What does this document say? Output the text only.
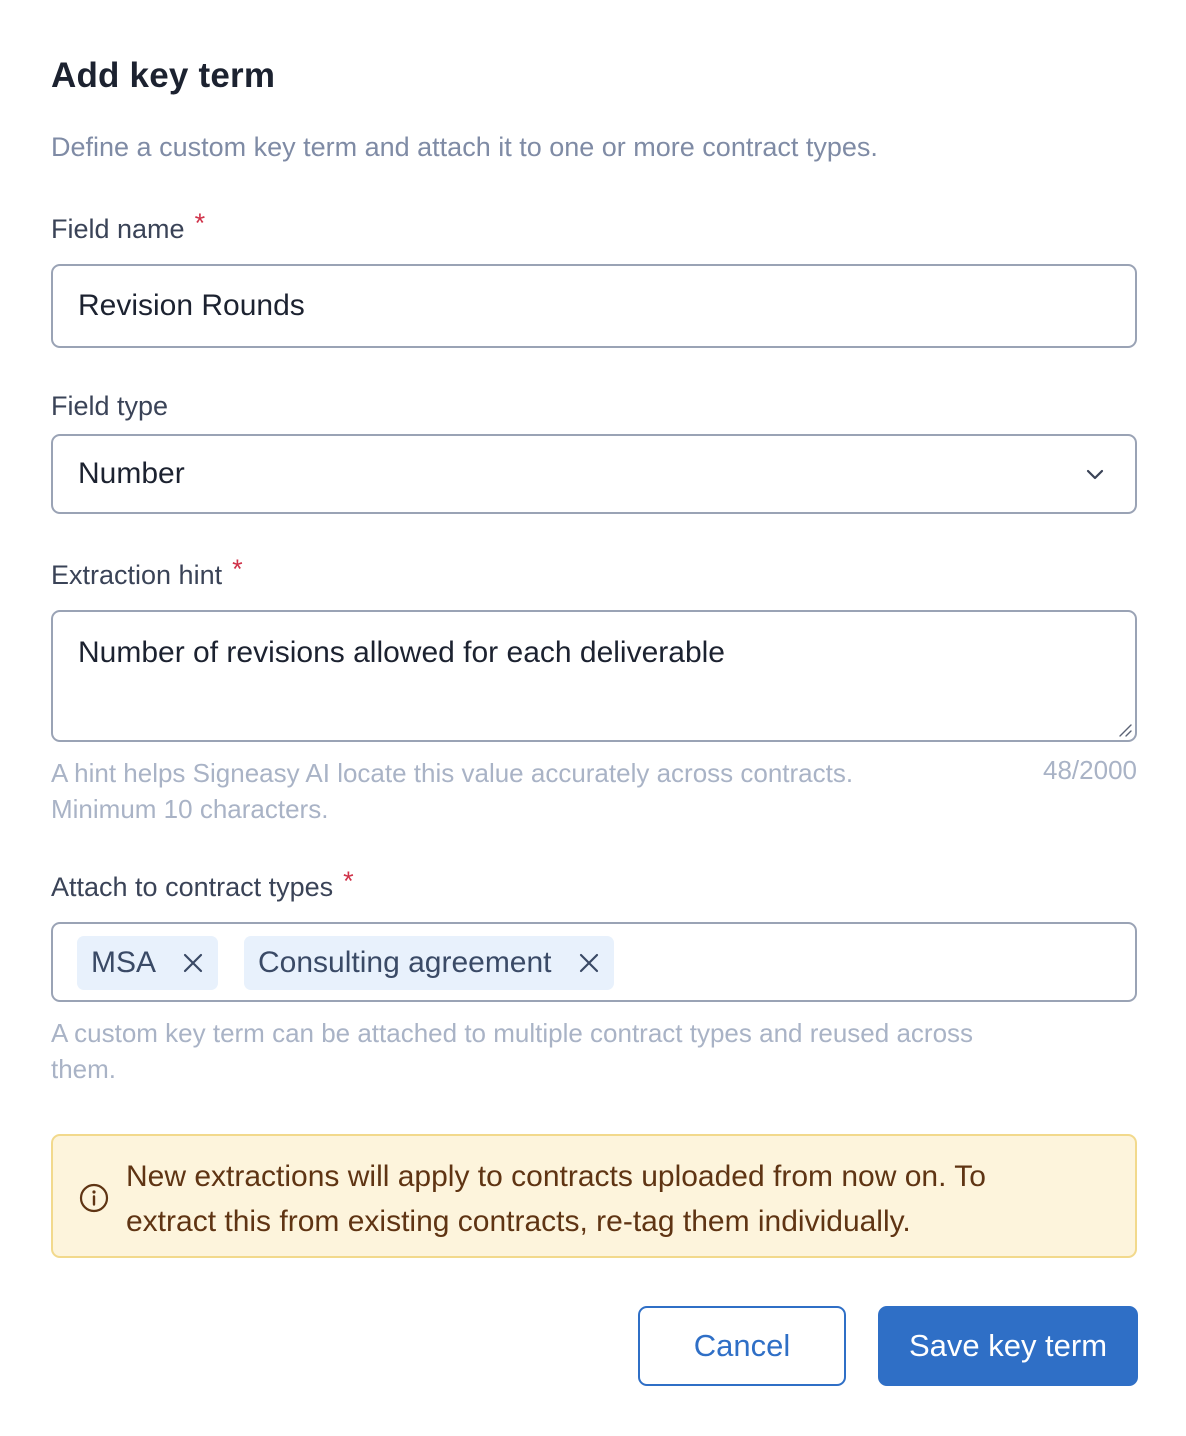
Add key term
Define a custom key term and attach it to one or more contract types.
Field name *
Revision Rounds
Field type
Number
Extraction hint *
Number of revisions allowed for each deliverable
A hint helps Signeasy AI locate this value accurately across contracts.
Minimum 10 characters.
48/2000
Attach to contract types *
MSA	Consulting agreement
A custom key term can be attached to multiple contract types and reused across
them.
New extractions will apply to contracts uploaded from now on. To
extract this from existing contracts, re-tag them individually.
Cancel	Save key term
